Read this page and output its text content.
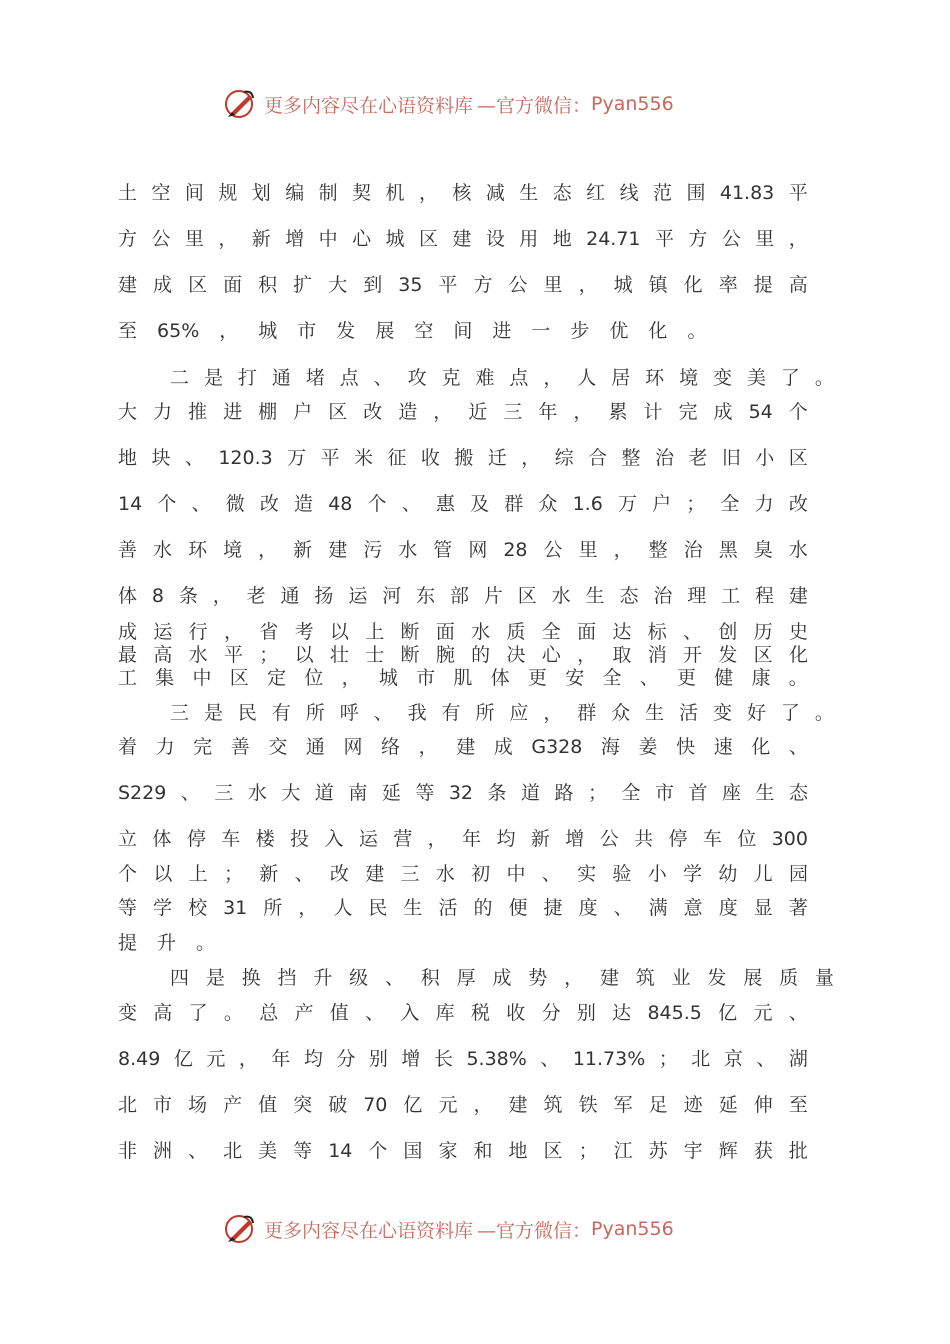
更多内容尽在心语资料库 —官方微信： Pyan556
土 空 间 规 划 编 制 契 机 ， 核 减 生 态 红 线 范 围 41.83 平
方 公 里 ， 新 增 中 心 城 区 建 设 用 地 24.71 平 方 公 里 ，
建 成 区 面 积 扩 大 到 35 平 方 公 里 ， 城 镇 化 率 提 高
至 65% ， 城 市 发 展 空 间 进 一 步 优 化 。
二 是 打 通 堵 点 、 攻 克 难 点 ， 人 居 环 境 变 美 了 。
大 力 推 进 棚 户 区 改 造 ， 近 三 年 ， 累 计 完 成 54 个
地 块 、 120.3 万 平 米 征 收 搬 迁 ， 综 合 整 治 老 旧 小 区
14 个 、 微 改 造 48 个 、 惠 及 群 众 1.6 万 户 ； 全 力 改
善 水 环 境 ， 新 建 污 水 管 网 28 公 里 ， 整 治 黑 臭 水
体 8 条 ， 老 通 扬 运 河 东 部 片 区 水 生 态 治 理 工 程 建
成 运 行 ， 省 考 以 上 断 面 水 质 全 面 达 标 、 创 历 史
最 高 水 平 ； 以 壮 士 断 腕 的 决 心 ， 取 消 开 发 区 化
工 集 中 区 定 位 ， 城 市 肌 体 更 安 全 、 更 健 康 。
三 是 民 有 所 呼 、 我 有 所 应 ， 群 众 生 活 变 好 了 。
着 力 完 善 交 通 网 络 ， 建 成 G328 海 姜 快 速 化 、
S229 、 三 水 大 道 南 延 等 32 条 道 路 ； 全 市 首 座 生 态
立 体 停 车 楼 投 入 运 营 ， 年 均 新 增 公 共 停 车 位 300
个 以 上 ； 新 、 改 建 三 水 初 中 、 实 验 小 学 幼 儿 园
等 学 校 31 所 ， 人 民 生 活 的 便 捷 度 、 满 意 度 显 著
提 升 。
四 是 换 挡 升 级 、 积 厚 成 势 ， 建 筑 业 发 展 质 量
变 高 了 。 总 产 值 、 入 库 税 收 分 别 达 845.5 亿 元 、
8.49 亿 元 ， 年 均 分 别 增 长 5.38% 、 11.73% ； 北 京 、 湖
北 市 场 产 值 突 破 70 亿 元 ， 建 筑 铁 军 足 迹 延 伸 至
非 洲 、 北 美 等 14 个 国 家 和 地 区 ； 江 苏 宇 辉 获 批
更多内容尽在心语资料库 —官方微信： Pyan556
